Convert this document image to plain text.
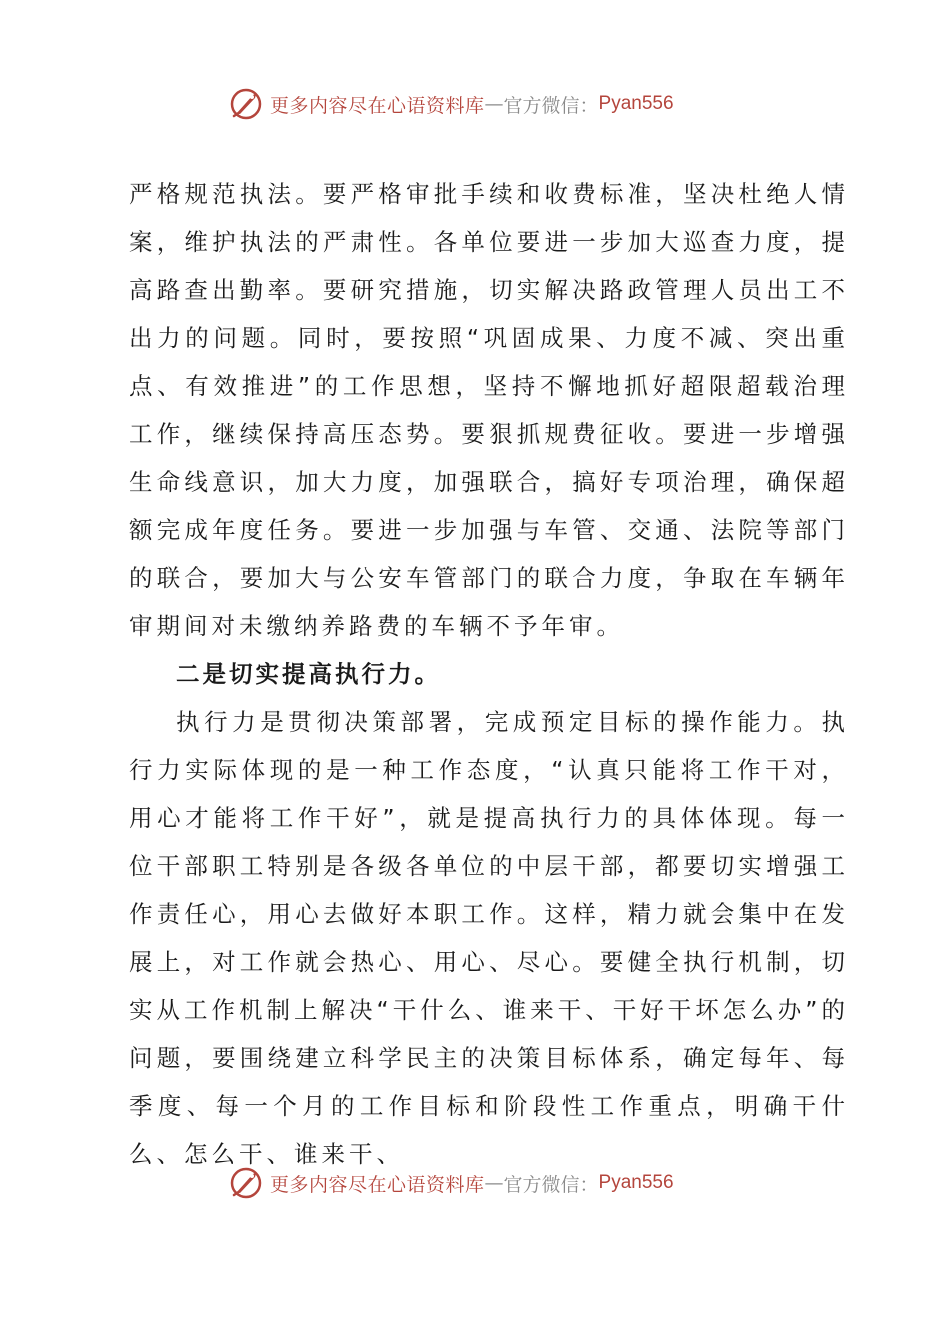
更多内容尽在心语资料库 — 官方微信： Pyan556

严格规范执法。要严格审批手续和收费标准，坚决杜绝人情案，维护执法的严肃性。各单位要进一步加大巡查力度，提高路查出勤率。要研究措施，切实解决路政管理人员出工不出力的问题。同时，要按照“巩固成果、力度不减、突出重点、有效推进”的工作思想，坚持不懈地抓好超限超载治理工作，继续保持高压态势。要狠抓规费征收。要进一步增强生命线意识，加大力度，加强联合，搞好专项治理，确保超额完成年度任务。要进一步加强与车管、交通、法院等部门的联合，要加大与公安车管部门的联合力度，争取在车辆年审期间对未缴纳养路费的车辆不予年审。

二是切实提高执行力。

执行力是贯彻决策部署，完成预定目标的操作能力。执行力实际体现的是一种工作态度，“认真只能将工作干对，用心才能将工作干好”，就是提高执行力的具体体现。每一位干部职工特别是各级各单位的中层干部，都要切实增强工作责任心，用心去做好本职工作。这样，精力就会集中在发展上，对工作就会热心、用心、尽心。要健全执行机制，切实从工作机制上解决“干什么、谁来干、干好干坏怎么办”的问题，要围绕建立科学民主的决策目标体系，确定每年、每季度、每一个月的工作目标和阶段性工作重点，明确干什么、怎么干、谁来干、

更多内容尽在心语资料库 — 官方微信： Pyan556
